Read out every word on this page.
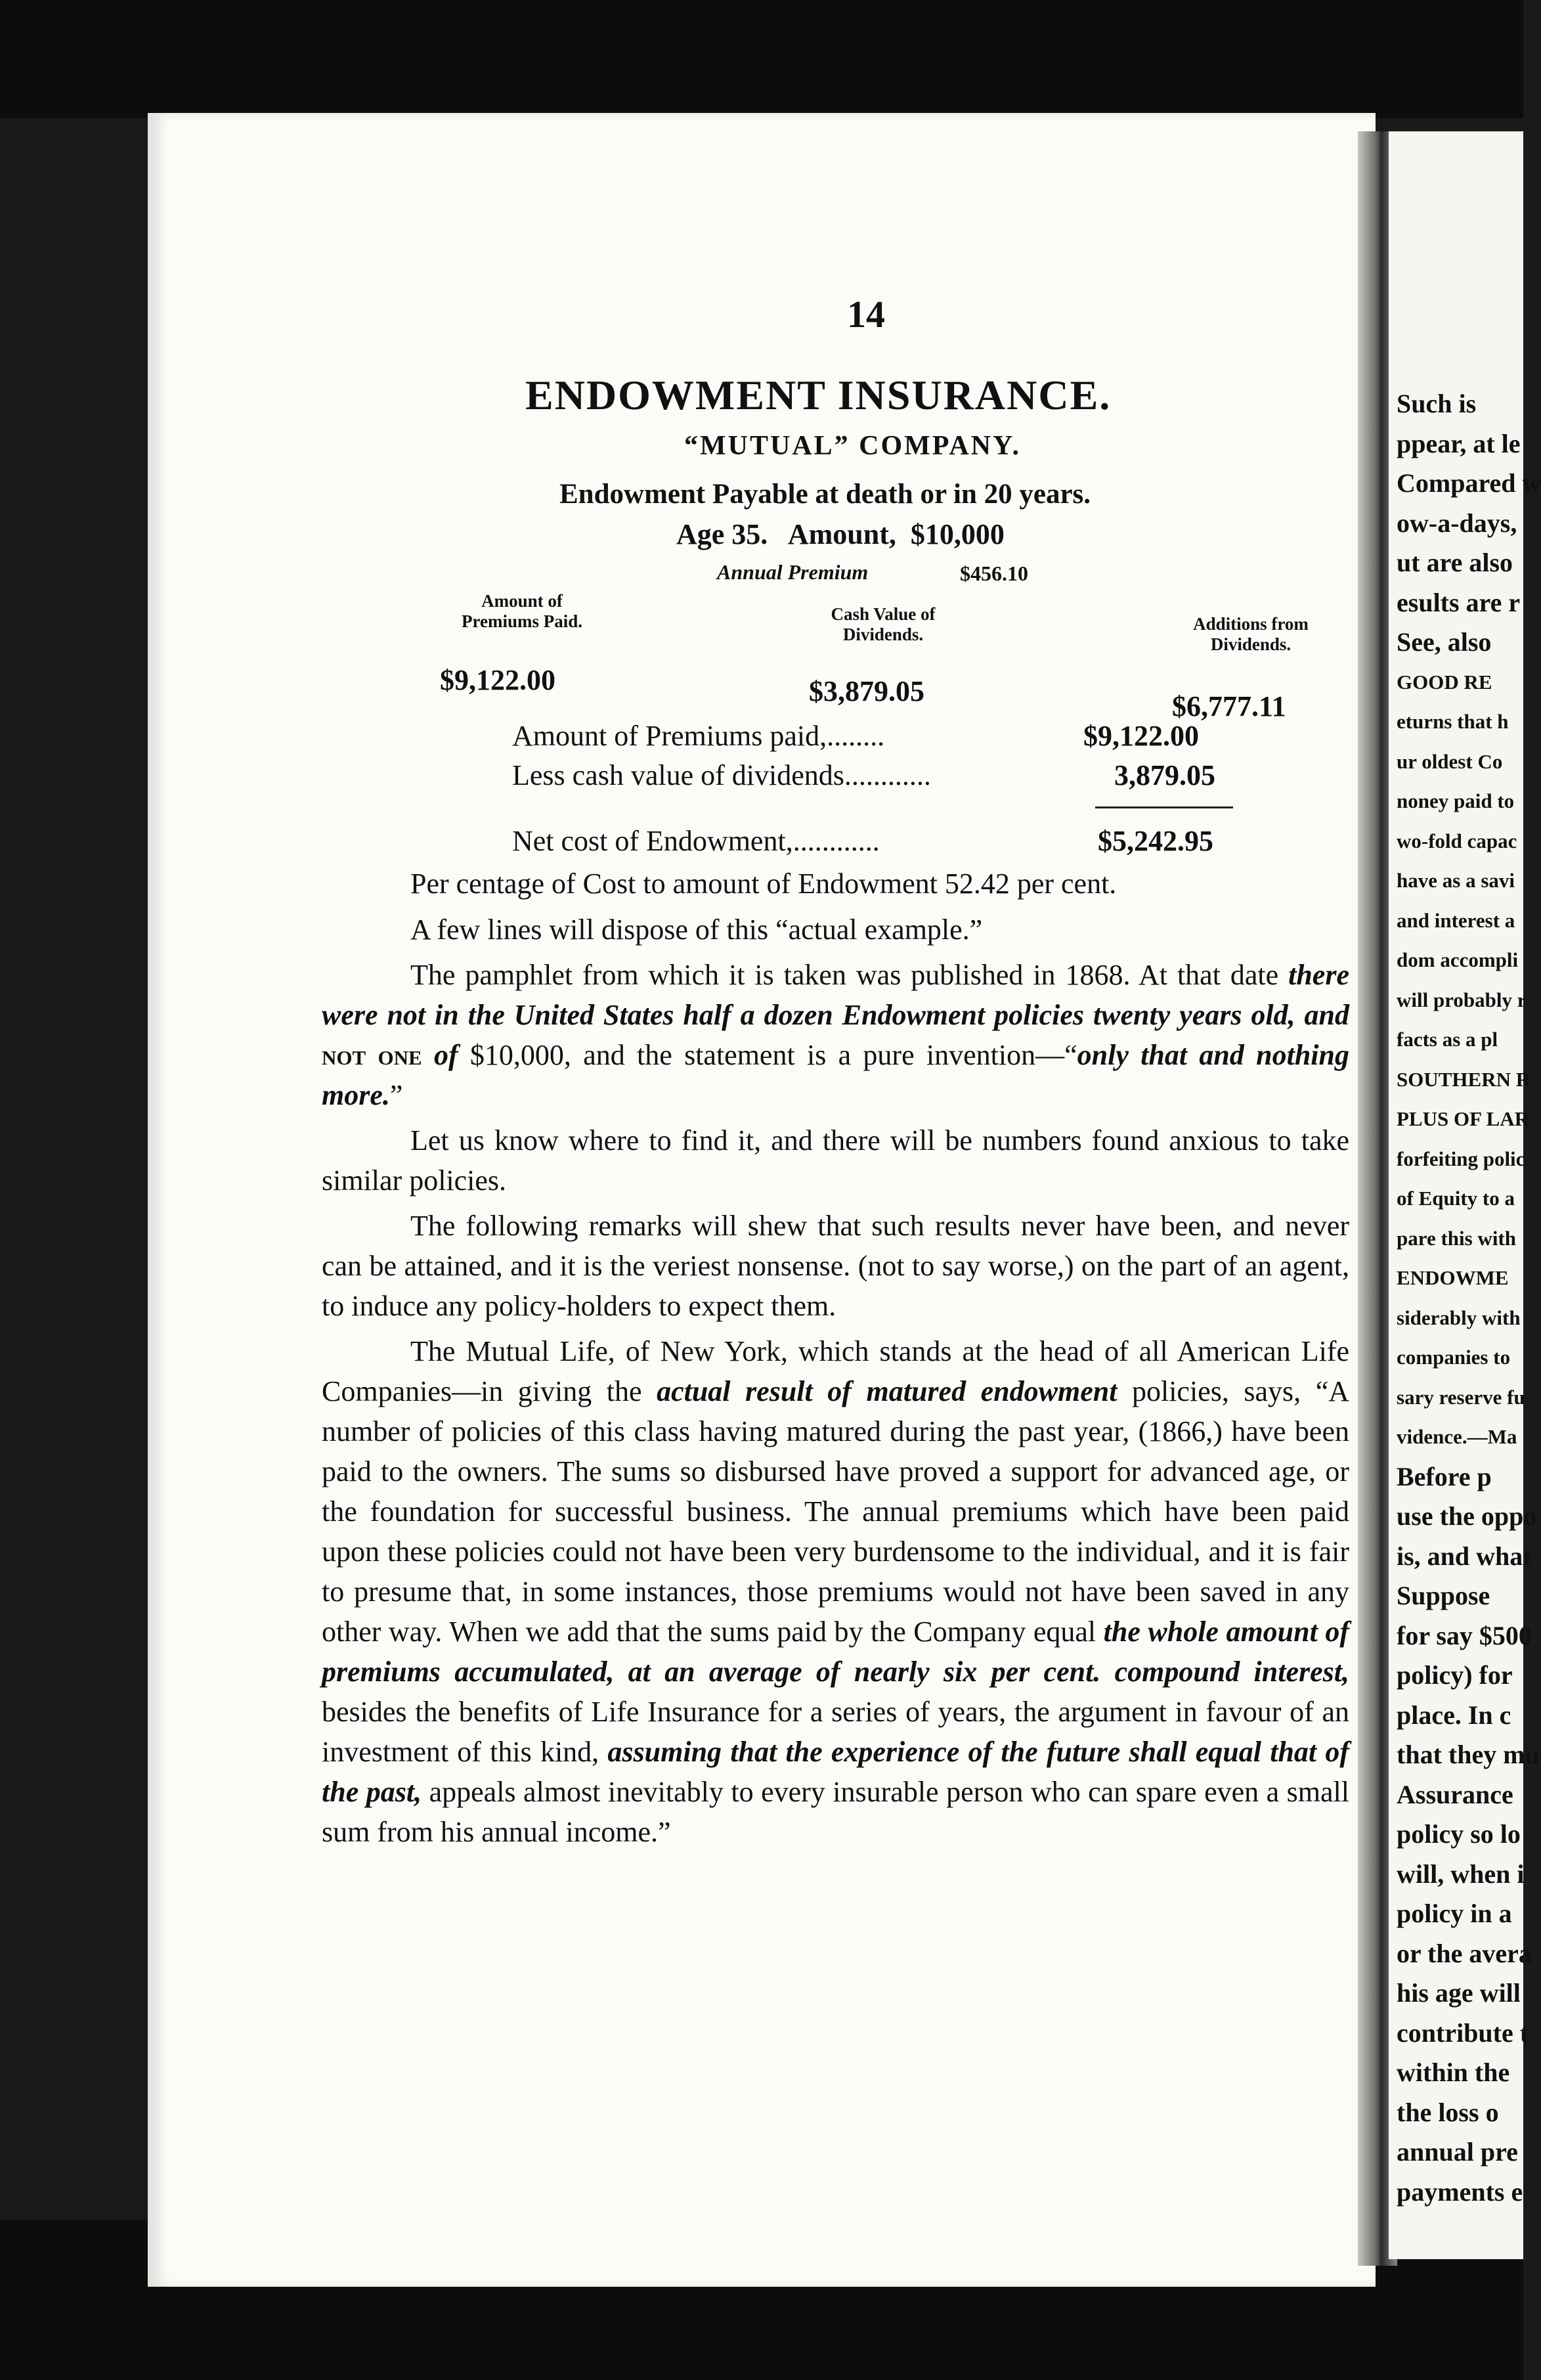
Such is
ppear, at le
Compared w
ow-a-days,
ut are also
esults are r
See, also
GOOD RE
eturns that h
ur oldest Co
noney paid to
wo-fold capac
have as a savi
and interest a
dom accompli
will probably r
facts as a pl
SOUTHERN R
PLUS OF LAR
forfeiting polic
of Equity to a
pare this with
ENDOWME
siderably with
companies to
sary reserve fu
vidence.—Ma
Before p
use the oppo
is, and what
Suppose
for say $500
policy) for
place. In c
that they mu
Assurance
policy so lo
will, when i
policy in a
or the avera
his age will
contribute t
within the
the loss o
annual pre
payments e
14
ENDOWMENT INSURANCE.
“MUTUAL” COMPANY.
Endowment Payable at death or in 20 years.
Age 35.   Amount,  $10,000
Annual Premium	$456.10
Amount of Premiums Paid.	Cash Value of Dividends.
Additions from Dividends.
$9,122.00	$3,879.05	$6,777.11
Amount of Premiums paid,........	$9,122.00
Less cash value of dividends............	3,879.05
Net cost of Endowment,............	$5,242.95
Per centage of Cost to amount of Endowment 52.42 per cent.

A few lines will dispose of this “actual example.”

The pamphlet from which it is taken was published in 1868. At that date there were not in the United States half a dozen Endowment policies twenty years old, and not one of $10,000, and the statement is a pure invention—“only that and nothing more.”

Let us know where to find it, and there will be numbers found anxious to take similar policies.

The following remarks will shew that such results never have been, and never can be attained, and it is the veriest nonsense. (not to say worse,) on the part of an agent, to induce any policy-holders to expect them.

The Mutual Life, of New York, which stands at the head of all American Life Companies—in giving the actual result of matured endowment policies, says, “A number of policies of this class having matured during the past year, (1866,) have been paid to the owners. The sums so disbursed have proved a support for advanced age, or the foundation for successful business. The annual premiums which have been paid upon these policies could not have been very burdensome to the individual, and it is fair to presume that, in some instances, those premiums would not have been saved in any other way. When we add that the sums paid by the Company equal the whole amount of premiums accumulated, at an average of nearly six per cent. compound interest, besides the benefits of Life Insurance for a series of years, the argument in favour of an investment of this kind, assuming that the experience of the future shall equal that of the past, appeals almost inevitably to every insurable person who can spare even a small sum from his annual income.”
